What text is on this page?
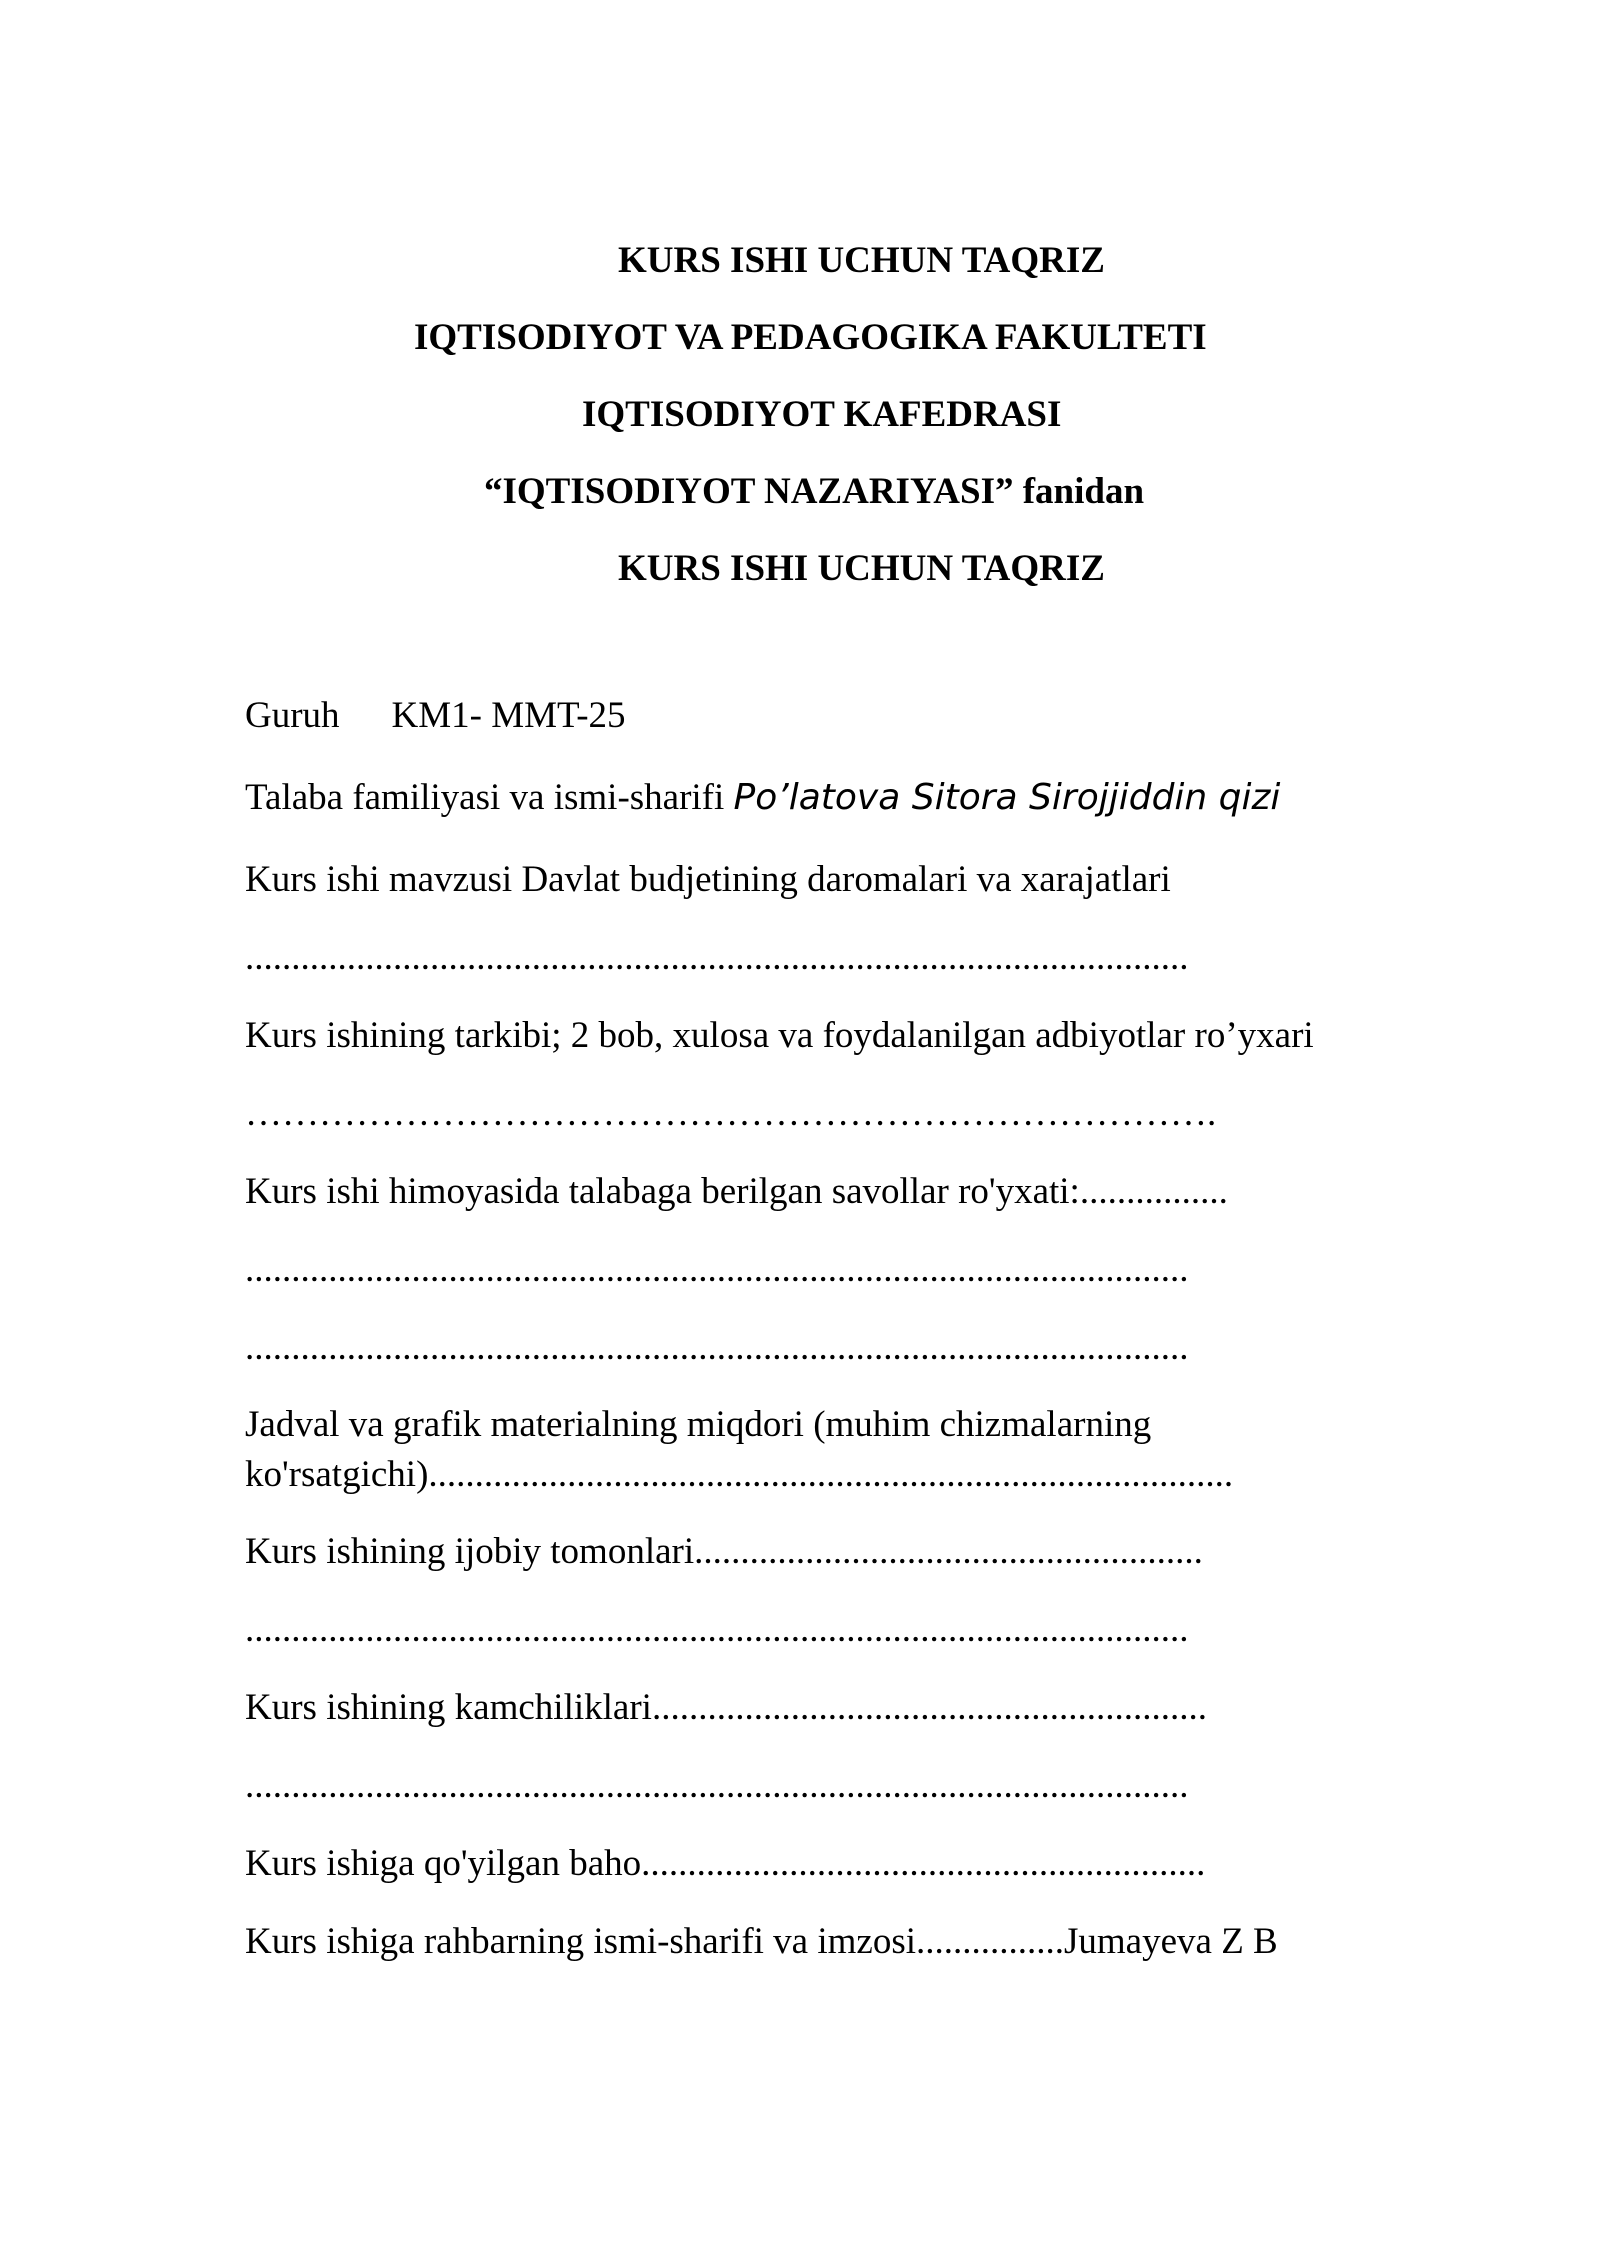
KURS ISHI UCHUN TAQRIZ
IQTISODIYOT VA PEDAGOGIKA FAKULTETI
IQTISODIYOT KAFEDRASI
“IQTISODIYOT NAZARIYASI” fanidan
KURS ISHI UCHUN TAQRIZ
Guruh KM1- MMT-25
Talaba familiyasi va ismi-sharifi Po’latova Sitora Sirojjiddin qizi
Kurs ishi mavzusi Davlat budjetining daromalari va xarajatlari
......................................................................................................
Kurs ishining tarkibi; 2 bob, xulosa va foydalanilgan adbiyotlar ro’yxari
…………………………………………………………………….
Kurs ishi himoyasida talabaga berilgan savollar ro'yxati:................
......................................................................................................
......................................................................................................
Jadval va grafik materialning miqdori (muhim chizmalarning ko'rsatgichi).......................................................................................
Kurs ishining ijobiy tomonlari.......................................................
......................................................................................................
Kurs ishining kamchiliklari............................................................
......................................................................................................
Kurs ishiga qo'yilgan baho.............................................................
Kurs ishiga rahbarning ismi-sharifi va imzosi................Jumayeva Z B
